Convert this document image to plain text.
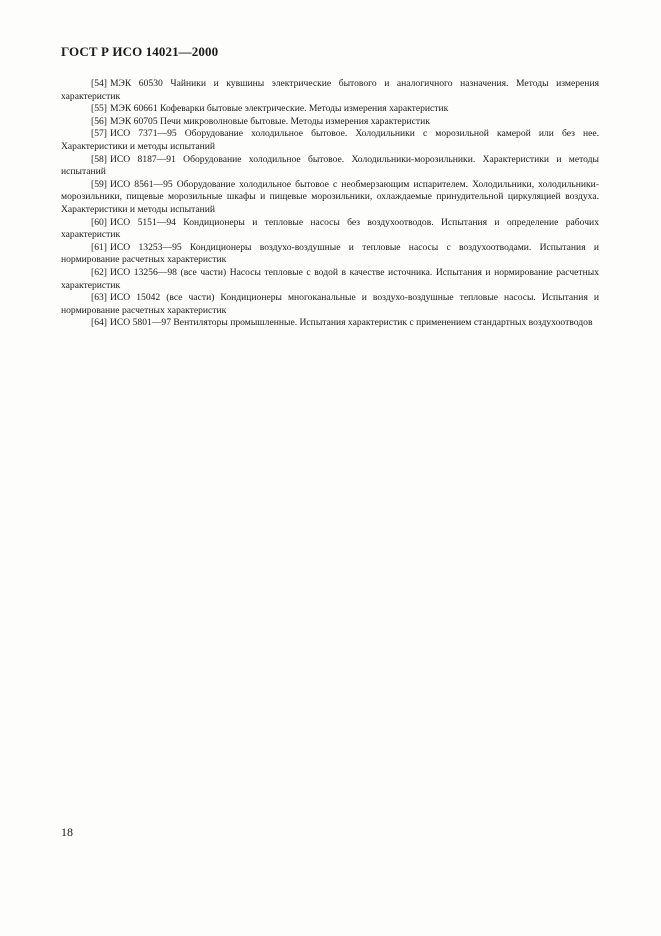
ГОСТ Р ИСО 14021—2000

[54] МЭК 60530 Чайники и кувшины электрические бытового и аналогичного назначения. Методы измерения характеристик

[55] МЭК 60661 Кофеварки бытовые электрические. Методы измерения характеристик

[56] МЭК 60705 Печи микроволновые бытовые. Методы измерения характеристик

[57] ИСО 7371—95 Оборудование холодильное бытовое. Холодильники с морозильной камерой или без нее. Характеристики и методы испытаний

[58] ИСО 8187—91 Оборудование холодильное бытовое. Холодильники-морозильники. Характеристики и методы испытаний

[59] ИСО 8561—95 Оборудование холодильное бытовое с необмерзающим испарителем. Холодильники, холодильники-морозильники, пищевые морозильные шкафы и пищевые морозильники, охлаждаемые принудительной циркуляцией воздуха. Характеристики и методы испытаний

[60] ИСО 5151—94 Кондиционеры и тепловые насосы без воздухоотводов. Испытания и определение рабочих характеристик

[61] ИСО 13253—95 Кондиционеры воздухо-воздушные и тепловые насосы с воздухоотводами. Испытания и нормирование расчетных характеристик

[62] ИСО 13256—98 (все части) Насосы тепловые с водой в качестве источника. Испытания и нормирование расчетных характеристик

[63] ИСО 15042 (все части) Кондиционеры многоканальные и воздухо-воздушные тепловые насосы. Испытания и нормирование расчетных характеристик

[64] ИСО 5801—97 Вентиляторы промышленные. Испытания характеристик с применением стандартных воздухоотводов

18
